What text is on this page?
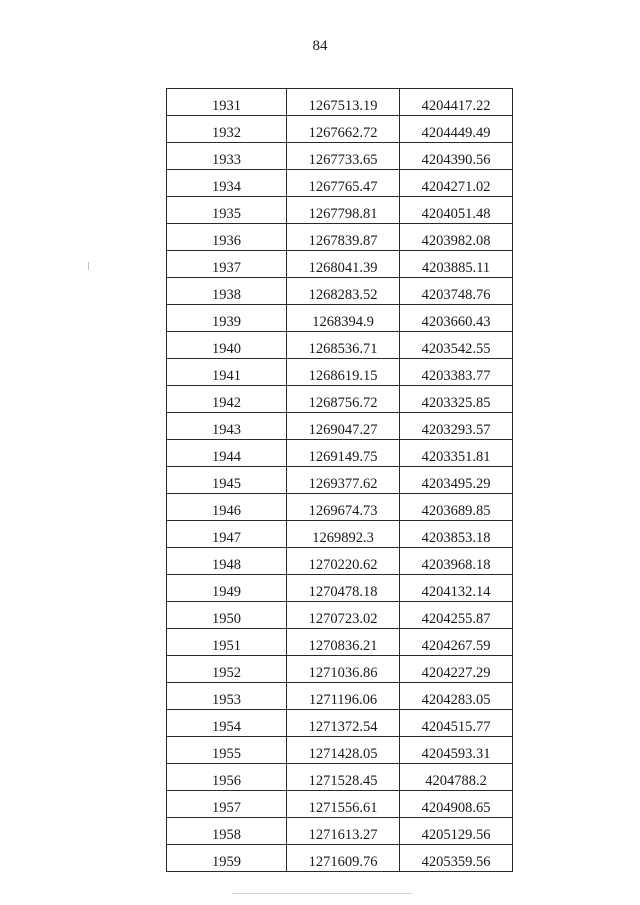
84
1931	1267513.19	4204417.22
1932	1267662.72	4204449.49
1933	1267733.65	4204390.56
1934	1267765.47	4204271.02
1935	1267798.81	4204051.48
1936	1267839.87	4203982.08
1937	1268041.39	4203885.11
1938	1268283.52	4203748.76
1939	1268394.9	4203660.43
1940	1268536.71	4203542.55
1941	1268619.15	4203383.77
1942	1268756.72	4203325.85
1943	1269047.27	4203293.57
1944	1269149.75	4203351.81
1945	1269377.62	4203495.29
1946	1269674.73	4203689.85
1947	1269892.3	4203853.18
1948	1270220.62	4203968.18
1949	1270478.18	4204132.14
1950	1270723.02	4204255.87
1951	1270836.21	4204267.59
1952	1271036.86	4204227.29
1953	1271196.06	4204283.05
1954	1271372.54	4204515.77
1955	1271428.05	4204593.31
1956	1271528.45	4204788.2
1957	1271556.61	4204908.65
1958	1271613.27	4205129.56
1959	1271609.76	4205359.56
